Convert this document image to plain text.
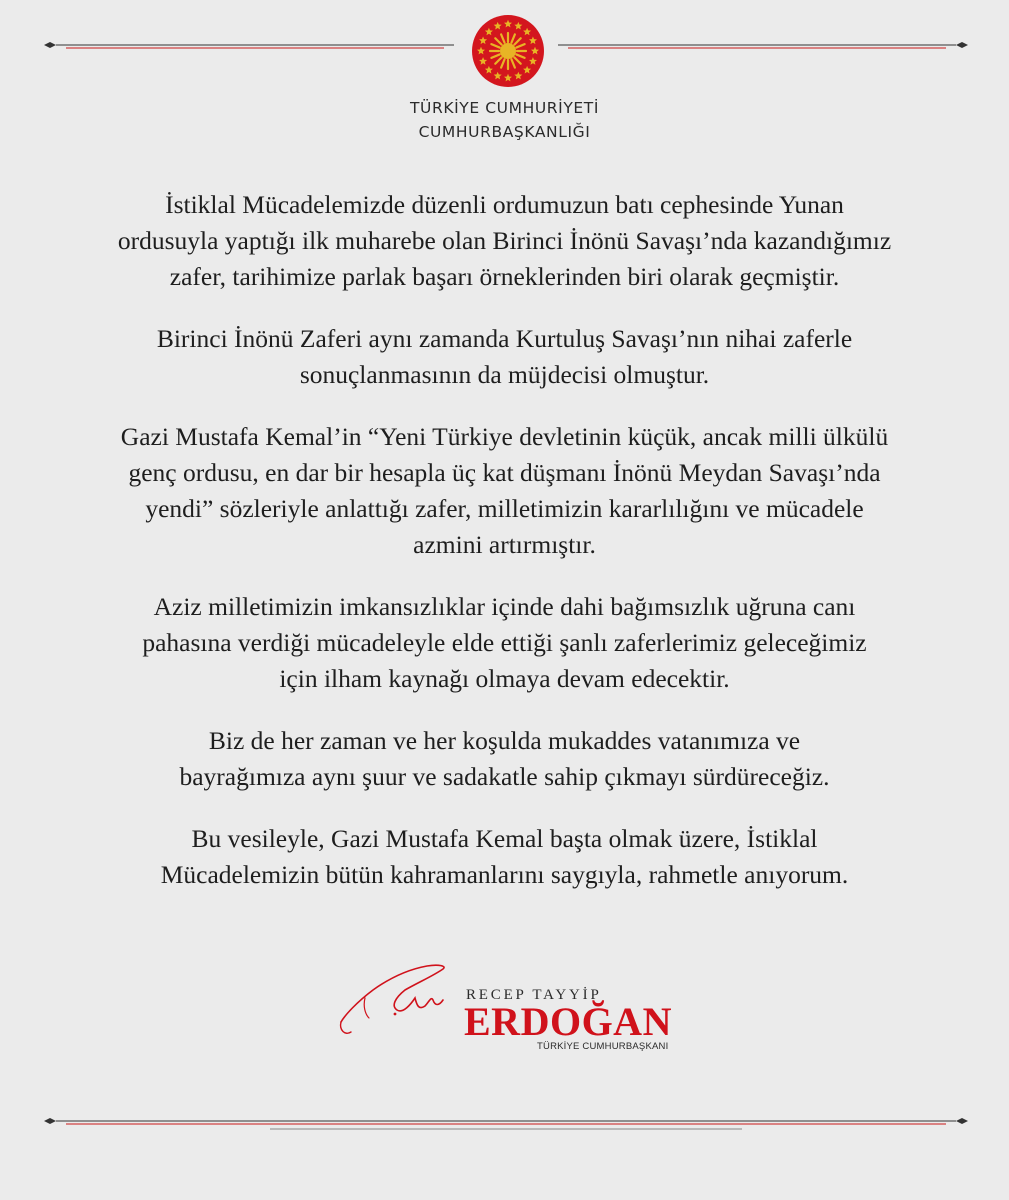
TÜRKİYE CUMHURİYETİ
CUMHURBAŞKANLIĞI

İstiklal Mücadelemizde düzenli ordumuzun batı cephesinde Yunan
ordusuyla yaptığı ilk muharebe olan Birinci İnönü Savaşı’nda kazandığımız
zafer, tarihimize parlak başarı örneklerinden biri olarak geçmiştir.

Birinci İnönü Zaferi aynı zamanda Kurtuluş Savaşı’nın nihai zaferle
sonuçlanmasının da müjdecisi olmuştur.

Gazi Mustafa Kemal’in “Yeni Türkiye devletinin küçük, ancak milli ülkülü
genç ordusu, en dar bir hesapla üç kat düşmanı İnönü Meydan Savaşı’nda
yendi” sözleriyle anlattığı zafer, milletimizin kararlılığını ve mücadele
azmini artırmıştır.

Aziz milletimizin imkansızlıklar içinde dahi bağımsızlık uğruna canı
pahasına verdiği mücadeleyle elde ettiği şanlı zaferlerimiz geleceğimiz
için ilham kaynağı olmaya devam edecektir.

Biz de her zaman ve her koşulda mukaddes vatanımıza ve
bayrağımıza aynı şuur ve sadakatle sahip çıkmayı sürdüreceğiz.

Bu vesileyle, Gazi Mustafa Kemal başta olmak üzere, İstiklal
Mücadelemizin bütün kahramanlarını saygıyla, rahmetle anıyorum.

RECEP TAYYİP
ERDOĞAN
TÜRKİYE CUMHURBAŞKANI
